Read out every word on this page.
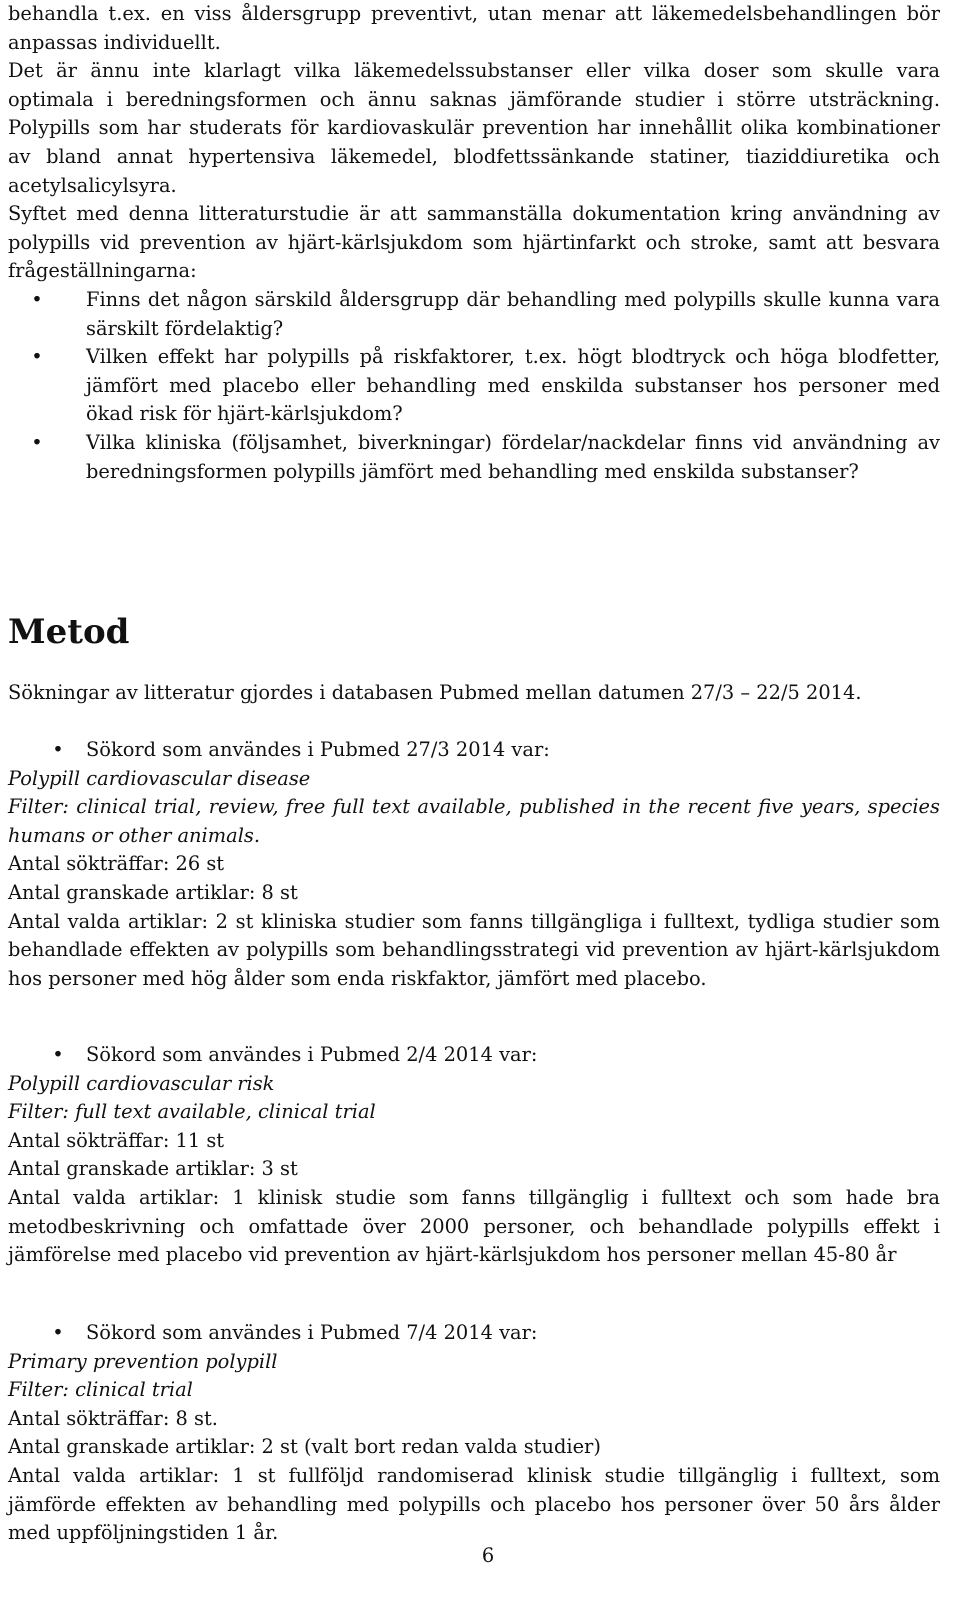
behandla t.ex. en viss åldersgrupp preventivt, utan menar att läkemedelsbehandlingen bör anpassas individuellt.

Det är ännu inte klarlagt vilka läkemedelssubstanser eller vilka doser som skulle vara optimala i beredningsformen och ännu saknas jämförande studier i större utsträckning. Polypills som har studerats för kardiovaskulär prevention har innehållit olika kombinationer av bland annat hypertensiva läkemedel, blodfettssänkande statiner, tiaziddiuretika och acetylsalicylsyra.

Syftet med denna litteraturstudie är att sammanställa dokumentation kring användning av polypills vid prevention av hjärt-kärlsjukdom som hjärtinfarkt och stroke, samt att besvara frågeställningarna:

•
Finns det någon särskild åldersgrupp där behandling med polypills skulle kunna vara särskilt fördelaktig?
•
Vilken effekt har polypills på riskfaktorer, t.ex. högt blodtryck och höga blodfetter, jämfört med placebo eller behandling med enskilda substanser hos personer med ökad risk för hjärt-kärlsjukdom?
•
Vilka kliniska (följsamhet, biverkningar) fördelar/nackdelar finns vid användning av beredningsformen polypills jämfört med behandling med enskilda substanser?
Metod

Sökningar av litteratur gjordes i databasen Pubmed mellan datumen 27/3 – 22/5 2014.

•
Sökord som användes i Pubmed 27/3 2014 var:

Polypill cardiovascular disease

Filter: clinical trial, review, free full text available, published in the recent five years, species humans or other animals.

Antal sökträffar: 26 st

Antal granskade artiklar: 8 st

Antal valda artiklar: 2 st kliniska studier som fanns tillgängliga i fulltext, tydliga studier som behandlade effekten av polypills som behandlingsstrategi vid prevention av hjärt-kärlsjukdom hos personer med hög ålder som enda riskfaktor, jämfört med placebo.

•
Sökord som användes i Pubmed 2/4 2014 var:

Polypill cardiovascular risk

Filter: full text available, clinical trial

Antal sökträffar: 11 st

Antal granskade artiklar: 3 st

Antal valda artiklar: 1 klinisk studie som fanns tillgänglig i fulltext och som hade bra metodbeskrivning och omfattade över 2000 personer, och behandlade polypills effekt i jämförelse med placebo vid prevention av hjärt-kärlsjukdom hos personer mellan 45-80 år

•
Sökord som användes i Pubmed 7/4 2014 var:

Primary prevention polypill

Filter: clinical trial

Antal sökträffar: 8 st.

Antal granskade artiklar: 2 st (valt bort redan valda studier)

Antal valda artiklar: 1 st fullföljd randomiserad klinisk studie tillgänglig i fulltext, som jämförde effekten av behandling med polypills och placebo hos personer över 50 års ålder med uppföljningstiden 1 år.

6
